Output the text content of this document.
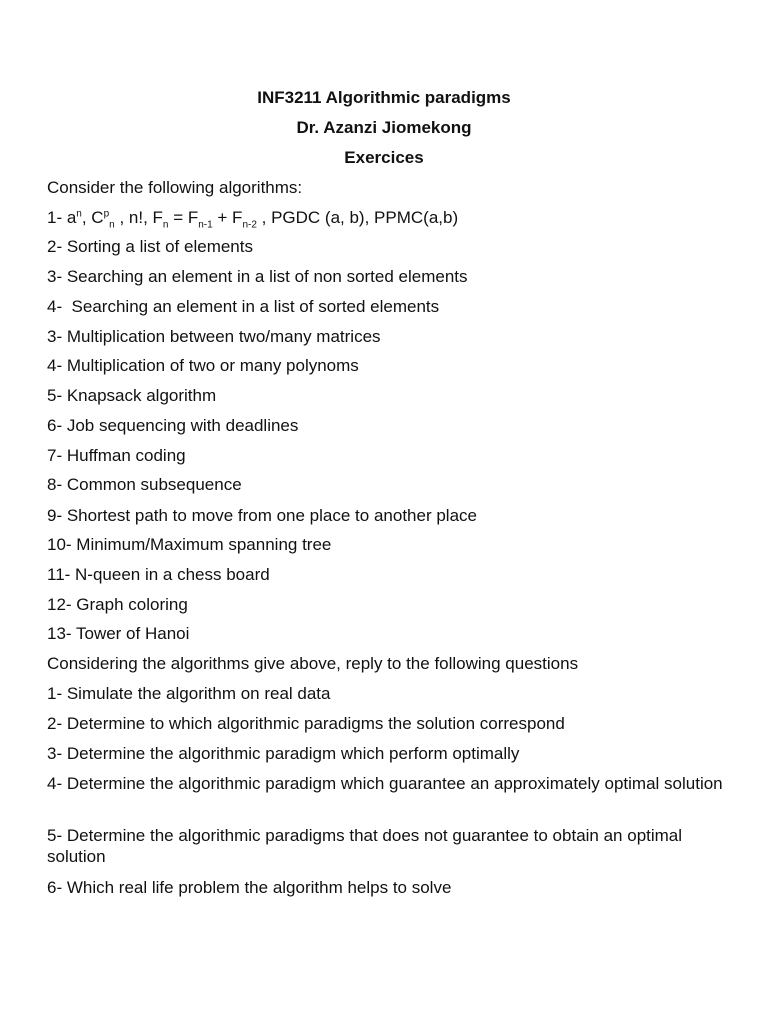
INF3211 Algorithmic paradigms
Dr. Azanzi Jiomekong
Exercices
Consider the following algorithms:
1- $a^n$, $C^p_n$ , n!, $F_n = F_{n-1} + F_{n-2}$ , PGDC (a, b), PPMC(a,b)
2- Sorting a list of elements
3- Searching an element in a list of non sorted elements
4-  Searching an element in a list of sorted elements
3- Multiplication between two/many matrices
4- Multiplication of two or many polynoms
5- Knapsack algorithm
6- Job sequencing with deadlines
7- Huffman coding
8- Common subsequence
9- Shortest path to move from one place to another place
10- Minimum/Maximum spanning tree
11- N-queen in a chess board
12- Graph coloring
13- Tower of Hanoi
Considering the algorithms give above, reply to the following questions
1- Simulate the algorithm on real data
2- Determine to which algorithmic paradigms the solution correspond
3- Determine the algorithmic paradigm which perform optimally
4- Determine the algorithmic paradigm which guarantee an approximately optimal solution
5- Determine the algorithmic paradigms that does not guarantee to obtain an optimal solution
6- Which real life problem the algorithm helps to solve
